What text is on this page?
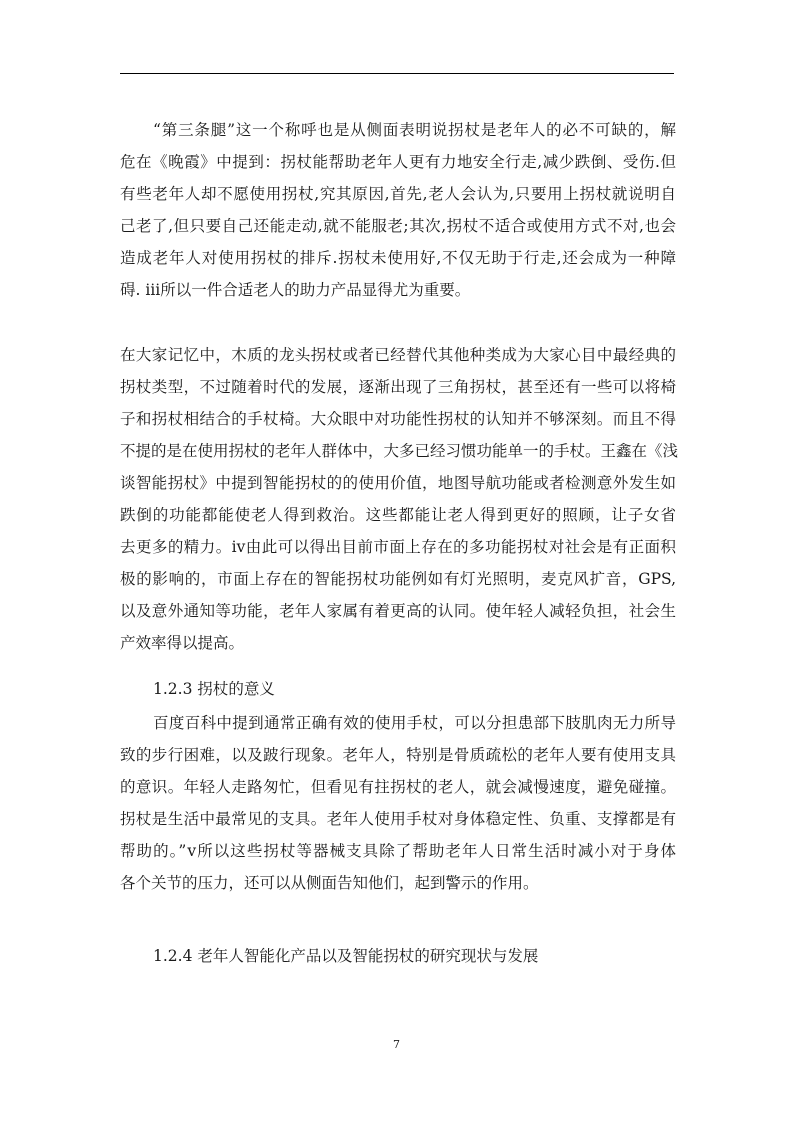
“第三条腿”这一个称呼也是从侧面表明说拐杖是老年人的必不可缺的，解
危在《晚霞》中提到：拐杖能帮助老年人更有力地安全行走,减少跌倒、受伤.但
有些老年人却不愿使用拐杖,究其原因,首先,老人会认为,只要用上拐杖就说明自
己老了,但只要自己还能走动,就不能服老;其次,拐杖不适合或使用方式不对,也会
造成老年人对使用拐杖的排斥.拐杖未使用好,不仅无助于行走,还会成为一种障
碍. ⅲ所以一件合适老人的助力产品显得尤为重要。
在大家记忆中，木质的龙头拐杖或者已经替代其他种类成为大家心目中最经典的
拐杖类型，不过随着时代的发展，逐渐出现了三角拐杖，甚至还有一些可以将椅
子和拐杖相结合的手杖椅。大众眼中对功能性拐杖的认知并不够深刻。而且不得
不提的是在使用拐杖的老年人群体中，大多已经习惯功能单一的手杖。王鑫在《浅
谈智能拐杖》中提到智能拐杖的的使用价值，地图导航功能或者检测意外发生如
跌倒的功能都能使老人得到救治。这些都能让老人得到更好的照顾，让子女省
去更多的精力。ⅳ由此可以得出目前市面上存在的多功能拐杖对社会是有正面积
极的影响的，市面上存在的智能拐杖功能例如有灯光照明，麦克风扩音，GPS,
以及意外通知等功能，老年人家属有着更高的认同。使年轻人减轻负担，社会生
产效率得以提高。
1.2.3 拐杖的意义
百度百科中提到通常正确有效的使用手杖，可以分担患部下肢肌肉无力所导
致的步行困难，以及跛行现象。老年人，特别是骨质疏松的老年人要有使用支具
的意识。年轻人走路匆忙，但看见有拄拐杖的老人，就会减慢速度，避免碰撞。
拐杖是生活中最常见的支具。老年人使用手杖对身体稳定性、负重、支撑都是有
帮助的。”ⅴ所以这些拐杖等器械支具除了帮助老年人日常生活时减小对于身体
各个关节的压力，还可以从侧面告知他们，起到警示的作用。
1.2.4 老年人智能化产品以及智能拐杖的研究现状与发展
7
